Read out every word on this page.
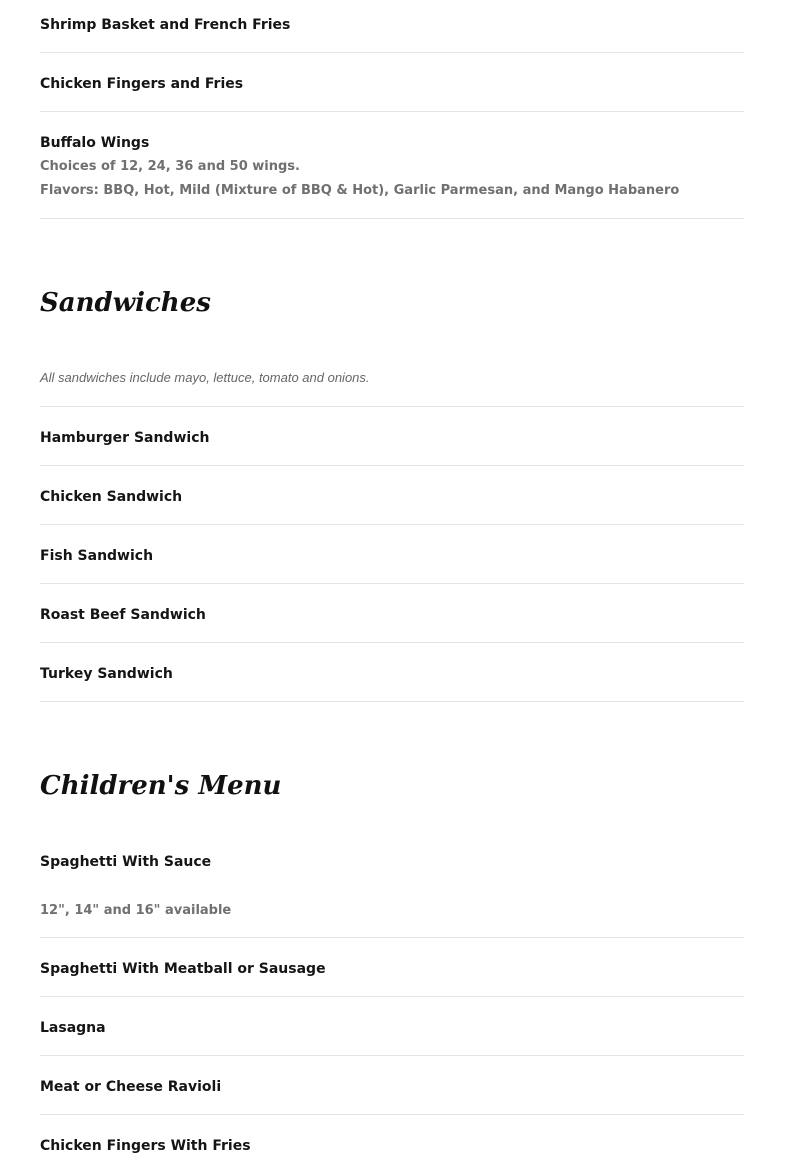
Shrimp Basket and French Fries
Chicken Fingers and Fries
Buffalo Wings
Choices of 12, 24, 36 and 50 wings.
Flavors: BBQ, Hot, Mild (Mixture of BBQ & Hot), Garlic Parmesan, and Mango Habanero
Sandwiches
All sandwiches include mayo, lettuce, tomato and onions.
Hamburger Sandwich
Chicken Sandwich
Fish Sandwich
Roast Beef Sandwich
Turkey Sandwich
Children's Menu
Spaghetti With Sauce
12", 14" and 16" available
Spaghetti With Meatball or Sausage
Lasagna
Meat or Cheese Ravioli
Chicken Fingers With Fries
